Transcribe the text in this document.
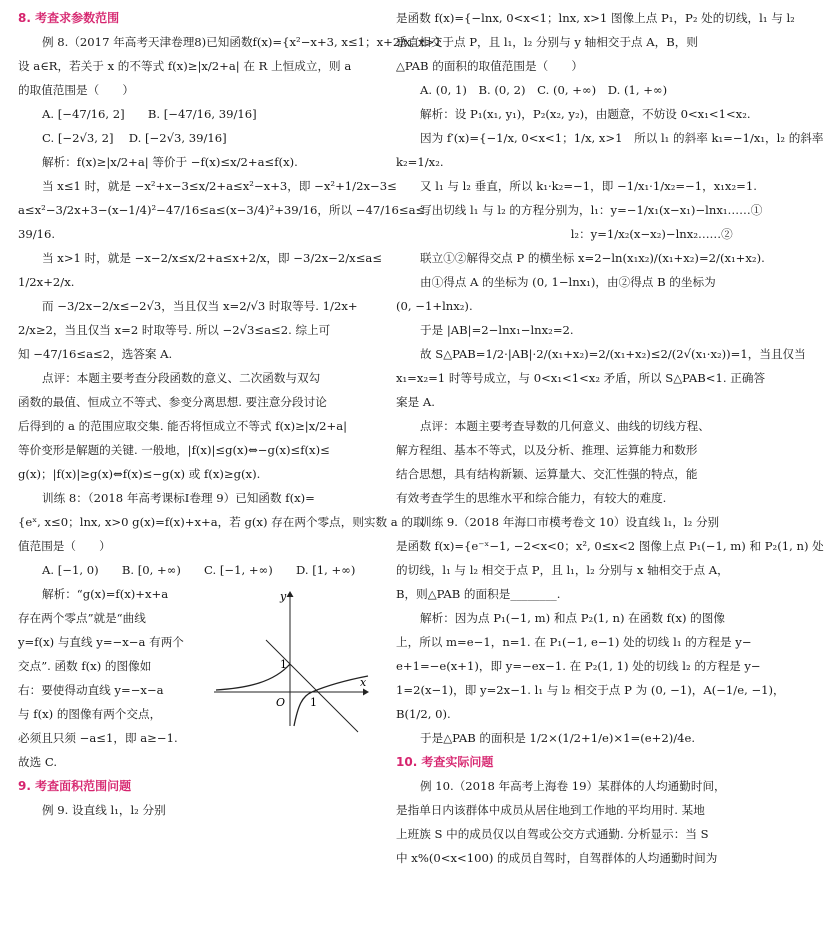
8. 考查求参数范围
例 8.（2017 年高考天津卷理8)已知函数f(x)={x²−x+3, x≤1；x+2/x, x>1
设 a∈R，若关于 x 的不等式 f(x)≥|x/2+a| 在 R 上恒成立，则 a
的取值范围是（　　）
A. [−47/16, 2]　　B. [−47/16, 39/16]
C. [−2√3, 2]　 D. [−2√3, 39/16]
解析：f(x)≥|x/2+a| 等价于 −f(x)≤x/2+a≤f(x).
当 x≤1 时，就是 −x²+x−3≤x/2+a≤x²−x+3，即 −x²+1/2x−3≤
a≤x²−3/2x+3−(x−1/4)²−47/16≤a≤(x−3/4)²+39/16，所以 −47/16≤a≤
39/16.
当 x>1 时，就是 −x−2/x≤x/2+a≤x+2/x，即 −3/2x−2/x≤a≤
1/2x+2/x.
而 −3/2x−2/x≤−2√3，当且仅当 x=2/√3 时取等号. 1/2x+
2/x≥2，当且仅当 x=2 时取等号. 所以 −2√3≤a≤2. 综上可
知 −47/16≤a≤2，选答案 A.
点评：本题主要考查分段函数的意义、二次函数与双勾
函数的最值、恒成立不等式、参变分离思想. 要注意分段讨论
后得到的 a 的范围应取交集. 能否将恒成立不等式 f(x)≥|x/2+a|
等价变形是解题的关键. 一般地，|f(x)|≤g(x)⇔−g(x)≤f(x)≤
g(x)；|f(x)|≥g(x)⇔f(x)≤−g(x) 或 f(x)≥g(x).
训练 8：（2018 年高考课标Ⅰ卷理 9）已知函数 f(x)=
{eˣ, x≤0；lnx, x>0 g(x)=f(x)+x+a，若 g(x) 存在两个零点，则实数 a 的取
值范围是（　　）
A. [−1, 0)　　B. [0, +∞)　　C. [−1, +∞)　　D. [1, +∞)
解析：“g(x)=f(x)+x+a
存在两个零点”就是“曲线
y=f(x) 与直线 y=−x−a 有两个
交点”. 函数 f(x) 的图像如
右：要使得动直线 y=−x−a
与 f(x) 的图像有两个交点，
必须且只须 −a≤1，即 a≥−1.
故选 C.
y
x
O
1
1
9. 考查面积范围问题
例 9. 设直线 l₁，l₂ 分别
是函数 f(x)={−lnx, 0<x<1；lnx, x>1 图像上点 P₁，P₂ 处的切线，l₁ 与 l₂
垂直相交于点 P，且 l₁，l₂ 分别与 y 轴相交于点 A，B，则
△PAB 的面积的取值范围是（　　）
A. (0, 1)　B. (0, 2)　C. (0, +∞)　D. (1, +∞)
解析：设 P₁(x₁, y₁)，P₂(x₂, y₂)，由题意，不妨设 0<x₁<1<x₂.
因为 f′(x)={−1/x, 0<x<1；1/x, x>1　所以 l₁ 的斜率 k₁=−1/x₁，l₂ 的斜率
k₂=1/x₂.
又 l₁ 与 l₂ 垂直，所以 k₁·k₂=−1，即 −1/x₁·1/x₂=−1，x₁x₂=1.
写出切线 l₁ 与 l₂ 的方程分别为，l₁：y=−1/x₁(x−x₁)−lnx₁……①
　　　　　　　　　　　　　l₂：y=1/x₂(x−x₂)−lnx₂……②
联立①②解得交点 P 的横坐标 x=2−ln(x₁x₂)/(x₁+x₂)=2/(x₁+x₂).
由①得点 A 的坐标为 (0, 1−lnx₁)，由②得点 B 的坐标为
(0, −1+lnx₂).
于是 |AB|=2−lnx₁−lnx₂=2.
故 S△PAB=1/2·|AB|·2/(x₁+x₂)=2/(x₁+x₂)≤2/(2√(x₁·x₂))=1，当且仅当
x₁=x₂=1 时等号成立，与 0<x₁<1<x₂ 矛盾，所以 S△PAB<1. 正确答
案是 A.
点评：本题主要考查导数的几何意义、曲线的切线方程、
解方程组、基本不等式，以及分析、推理、运算能力和数形
结合思想，具有结构新颖、运算量大、交汇性强的特点，能
有效考查学生的思维水平和综合能力，有较大的难度.
训练 9.（2018 年海口市模考卷文 10）设直线 l₁，l₂ 分别
是函数 f(x)={e⁻ˣ−1, −2<x<0；x², 0≤x<2 图像上点 P₁(−1, m) 和 P₂(1, n) 处
的切线，l₁ 与 l₂ 相交于点 P，且 l₁，l₂ 分别与 x 轴相交于点 A，
B，则△PAB 的面积是________.
解析：因为点 P₁(−1, m) 和点 P₂(1, n) 在函数 f(x) 的图像
上，所以 m=e−1，n=1. 在 P₁(−1, e−1) 处的切线 l₁ 的方程是 y−
e+1=−e(x+1)，即 y=−ex−1. 在 P₂(1, 1) 处的切线 l₂ 的方程是 y−
1=2(x−1)，即 y=2x−1. l₁ 与 l₂ 相交于点 P 为 (0, −1)，A(−1/e, −1)，
B(1/2, 0).
于是△PAB 的面积是 1/2×(1/2+1/e)×1=(e+2)/4e.
10. 考查实际问题
例 10.（2018 年高考上海卷 19）某群体的人均通勤时间，
是指单日内该群体中成员从居住地到工作地的平均用时. 某地
上班族 S 中的成员仅以自驾或公交方式通勤. 分析显示：当 S
中 x%(0<x<100) 的成员自驾时，自驾群体的人均通勤时间为
